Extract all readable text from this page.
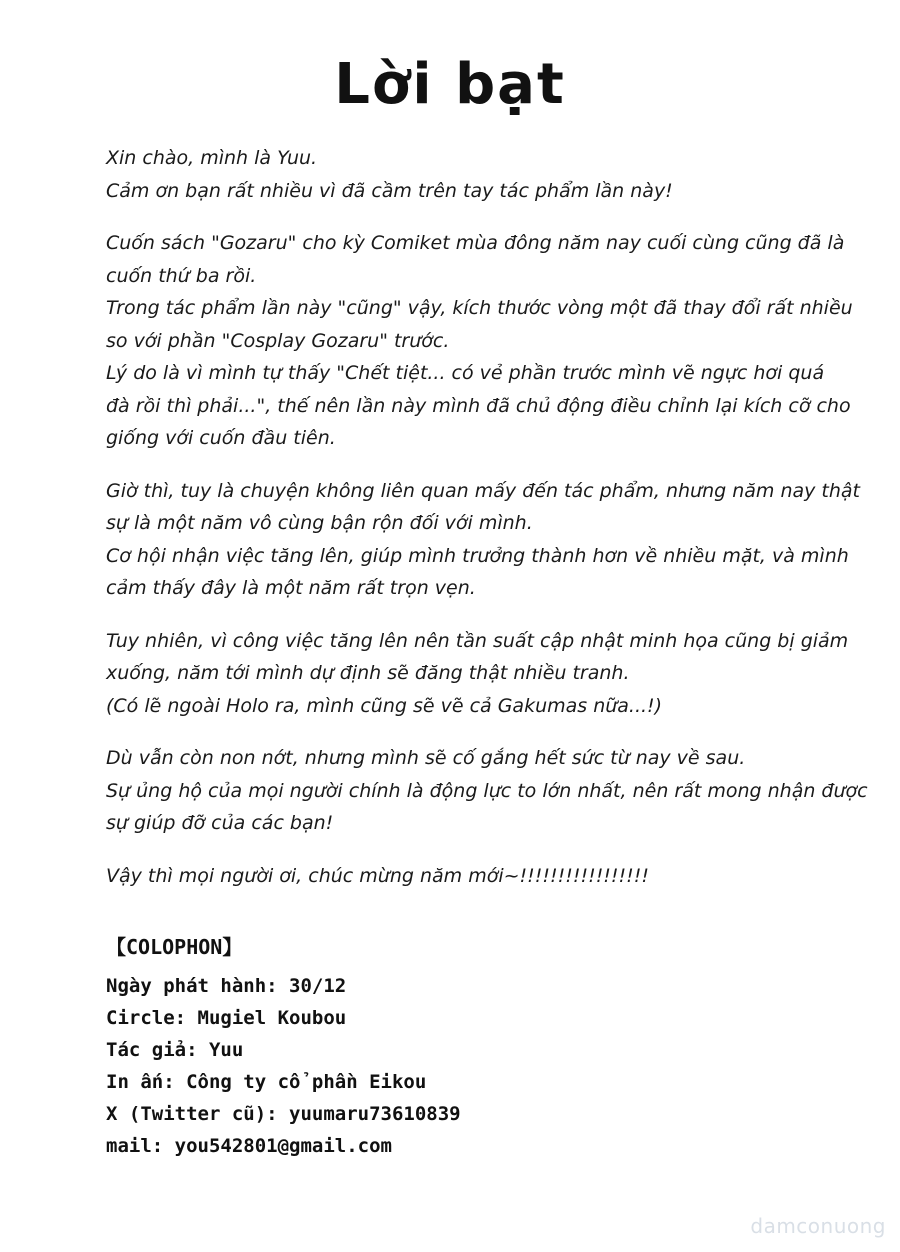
Lời bạt
Xin chào, mình là Yuu.
Cảm ơn bạn rất nhiều vì đã cầm trên tay tác phẩm lần này!
Cuốn sách "Gozaru" cho kỳ Comiket mùa đông năm nay cuối cùng cũng đã là
cuốn thứ ba rồi.
Trong tác phẩm lần này "cũng" vậy, kích thước vòng một đã thay đổi rất nhiều
so với phần "Cosplay Gozaru" trước.
Lý do là vì mình tự thấy "Chết tiệt... có vẻ phần trước mình vẽ ngực hơi quá
đà rồi thì phải...", thế nên lần này mình đã chủ động điều chỉnh lại kích cỡ cho
giống với cuốn đầu tiên.
Giờ thì, tuy là chuyện không liên quan mấy đến tác phẩm, nhưng năm nay thật
sự là một năm vô cùng bận rộn đối với mình.
Cơ hội nhận việc tăng lên, giúp mình trưởng thành hơn về nhiều mặt, và mình
cảm thấy đây là một năm rất trọn vẹn.
Tuy nhiên, vì công việc tăng lên nên tần suất cập nhật minh họa cũng bị giảm
xuống, năm tới mình dự định sẽ đăng thật nhiều tranh.
(Có lẽ ngoài Holo ra, mình cũng sẽ vẽ cả Gakumas nữa...!)
Dù vẫn còn non nớt, nhưng mình sẽ cố gắng hết sức từ nay về sau.
Sự ủng hộ của mọi người chính là động lực to lớn nhất, nên rất mong nhận được
sự giúp đỡ của các bạn!
Vậy thì mọi người ơi, chúc mừng năm mới~!!!!!!!!!!!!!!!!!
【COLOPHON】
Ngày phát hành: 30/12
Circle: Mugiel Koubou
Tác giả: Yuu
In ấn: Công ty cổ phần Eikou
X (Twitter cũ): yuumaru73610839
mail: you542801@gmail.com
damconuong
